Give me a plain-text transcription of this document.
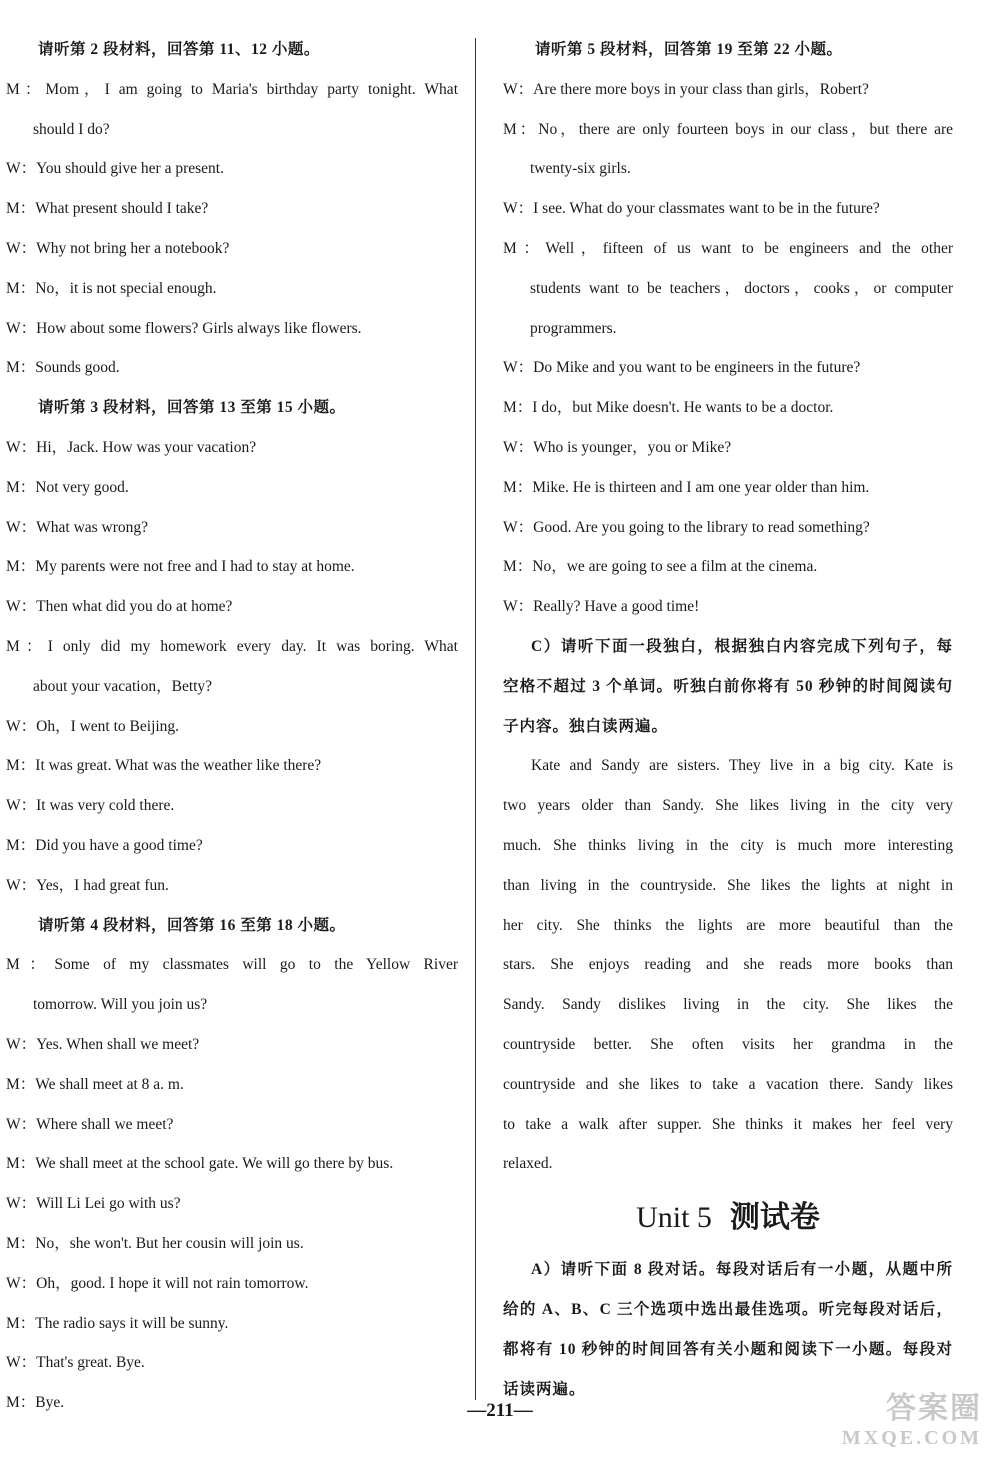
请听第 2 段材料，回答第 11、12 小题。
M：Mom，I am going to Maria's birthday party tonight. What
should I do?
W：You should give her a present.
M：What present should I take?
W：Why not bring her a notebook?
M：No，it is not special enough.
W：How about some flowers? Girls always like flowers.
M：Sounds good.
请听第 3 段材料，回答第 13 至第 15 小题。
W：Hi，Jack. How was your vacation?
M：Not very good.
W：What was wrong?
M：My parents were not free and I had to stay at home.
W：Then what did you do at home?
M：I only did my homework every day. It was boring. What
about your vacation，Betty?
W：Oh，I went to Beijing.
M：It was great. What was the weather like there?
W：It was very cold there.
M：Did you have a good time?
W：Yes，I had great fun.
请听第 4 段材料，回答第 16 至第 18 小题。
M：Some of my classmates will go to the Yellow River
tomorrow. Will you join us?
W：Yes. When shall we meet?
M：We shall meet at 8 a. m.
W：Where shall we meet?
M：We shall meet at the school gate. We will go there by bus.
W：Will Li Lei go with us?
M：No，she won't. But her cousin will join us.
W：Oh，good. I hope it will not rain tomorrow.
M：The radio says it will be sunny.
W：That's great. Bye.
M：Bye.
请听第 5 段材料，回答第 19 至第 22 小题。
W：Are there more boys in your class than girls，Robert?
M：No，there are only fourteen boys in our class，but there are
twenty-six girls.
W：I see. What do your classmates want to be in the future?
M：Well，fifteen of us want to be engineers and the other
students want to be teachers，doctors，cooks，or computer
programmers.
W：Do Mike and you want to be engineers in the future?
M：I do，but Mike doesn't. He wants to be a doctor.
W：Who is younger，you or Mike?
M：Mike. He is thirteen and I am one year older than him.
W：Good. Are you going to the library to read something?
M：No，we are going to see a film at the cinema.
W：Really? Have a good time!
C）请听下面一段独白，根据独白内容完成下列句子，每
空格不超过 3 个单词。听独白前你将有 50 秒钟的时间阅读句
子内容。独白读两遍。
Kate and Sandy are sisters. They live in a big city. Kate is
two years older than Sandy. She likes living in the city very
much. She thinks living in the city is much more interesting
than living in the countryside. She likes the lights at night in
her city. She thinks the lights are more beautiful than the
stars. She enjoys reading and she reads more books than
Sandy. Sandy dislikes living in the city. She likes the
countryside better. She often visits her grandma in the
countryside and she likes to take a vacation there. Sandy likes
to take a walk after supper. She thinks it makes her feel very
relaxed.
Unit 5 测试卷
A）请听下面 8 段对话。每段对话后有一小题，从题中所
给的 A、B、C 三个选项中选出最佳选项。听完每段对话后，
都将有 10 秒钟的时间回答有关小题和阅读下一小题。每段对
话读两遍。
—211—	答案圈
MXQE.COM
